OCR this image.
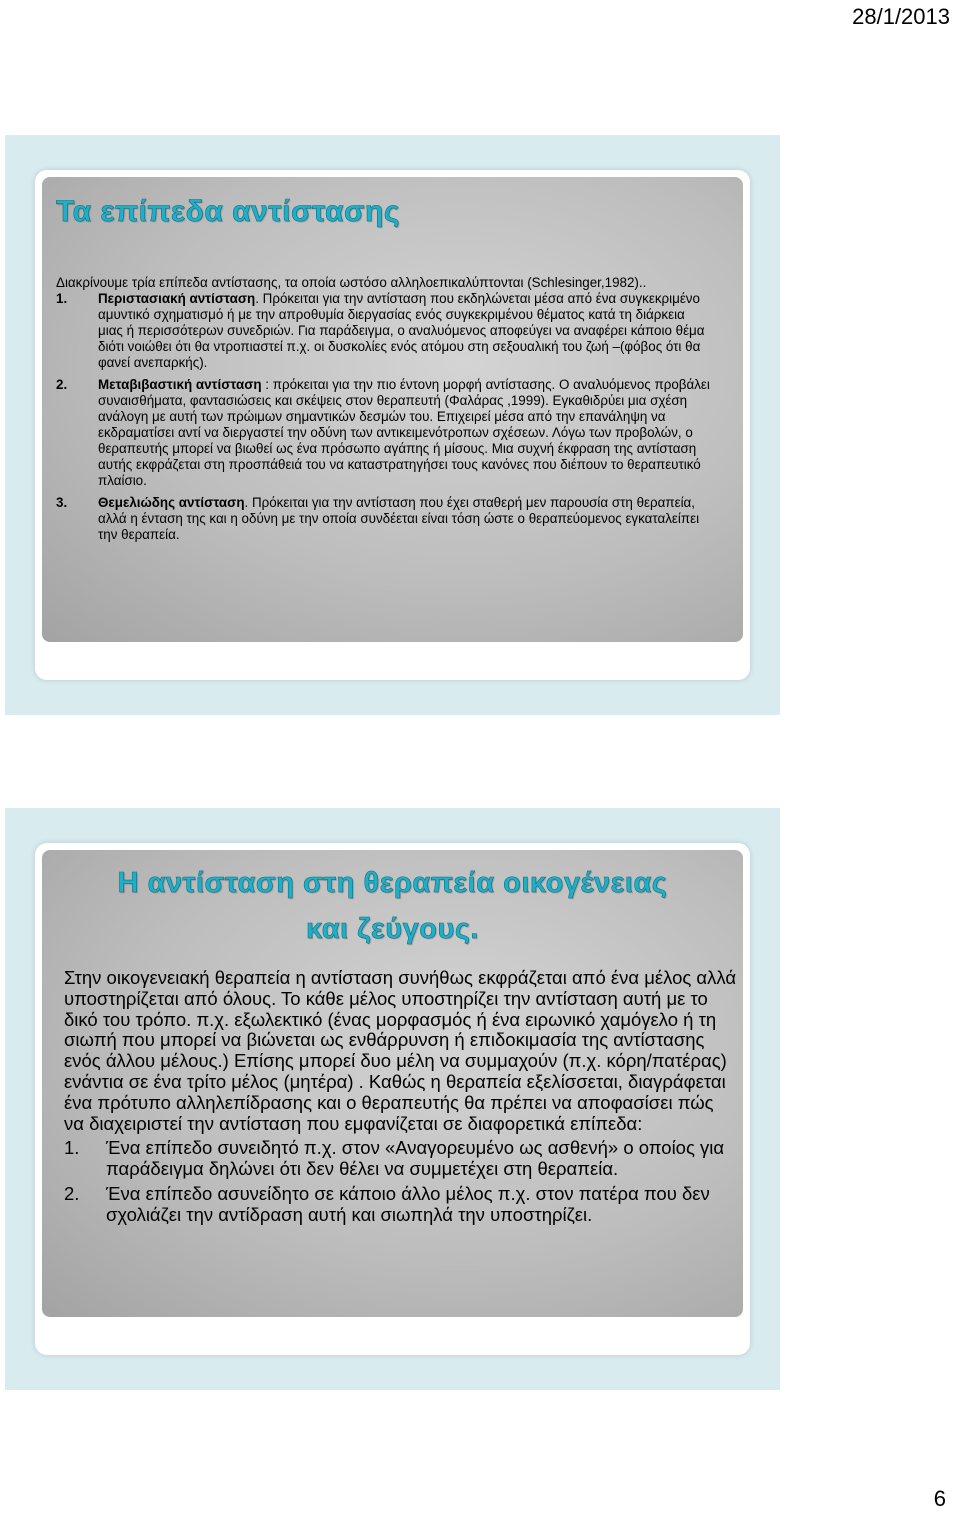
28/1/2013
Τα επίπεδα αντίστασης

Διακρίνουμε τρία επίπεδα αντίστασης, τα οποία ωστόσο αλληλοεπικαλύπτονται (Schlesinger,1982)..

1.	Περιστασιακή αντίσταση. Πρόκειται για την αντίσταση που εκδηλώνεται μέσα από ένα συγκεκριμένο αμυντικό σχηματισμό ή με την απροθυμία διεργασίας ενός συγκεκριμένου θέματος κατά τη διάρκεια μιας ή περισσότερων συνεδριών. Για παράδειγμα, ο αναλυόμενος αποφεύγει να αναφέρει κάποιο θέμα διότι νοιώθει ότι θα ντροπιαστεί π.χ. οι δυσκολίες ενός ατόμου στη σεξουαλική του ζωή –(φόβος ότι θα φανεί ανεπαρκής).
2.	Μεταβιβαστική αντίσταση : πρόκειται για την πιο έντονη μορφή αντίστασης. Ο αναλυόμενος προβάλει συναισθήματα, φαντασιώσεις και σκέψεις στον θεραπευτή (Φαλάρας ,1999). Εγκαθιδρύει μια σχέση ανάλογη με αυτή των πρώιμων σημαντικών δεσμών του. Επιχειρεί μέσα από την επανάληψη να εκδραματίσει αντί να διεργαστεί την οδύνη των αντικειμενότροπων σχέσεων. Λόγω των προβολών, ο θεραπευτής μπορεί να βιωθεί ως ένα πρόσωπο αγάπης ή μίσους. Μια συχνή έκφραση της αντίσταση αυτής εκφράζεται στη προσπάθειά του να καταστρατηγήσει τους κανόνες που διέπουν το θεραπευτικό πλαίσιο.
3.	Θεμελιώδης αντίσταση. Πρόκειται για την αντίσταση που έχει σταθερή μεν παρουσία στη θεραπεία, αλλά η ένταση της και η οδύνη με την οποία συνδέεται είναι τόση ώστε ο θεραπεύομενος εγκαταλείπει την θεραπεία.
Η αντίσταση στη θεραπεία οικογένειας
και ζεύγους.

Στην οικογενειακή θεραπεία η αντίσταση συνήθως εκφράζεται από ένα μέλος αλλά υποστηρίζεται από όλους. Το κάθε μέλος υποστηρίζει την αντίσταση αυτή με το δικό του τρόπο. π.χ. εξωλεκτικό (ένας μορφασμός ή ένα ειρωνικό χαμόγελο ή τη σιωπή που μπορεί να βιώνεται ως ενθάρρυνση ή επιδοκιμασία της αντίστασης ενός άλλου μέλους.) Επίσης μπορεί δυο μέλη να συμμαχούν (π.χ. κόρη/πατέρας) ενάντια σε ένα τρίτο μέλος (μητέρα) . Καθώς η θεραπεία εξελίσσεται, διαγράφεται ένα πρότυπο αλληλεπίδρασης και ο θεραπευτής θα πρέπει να αποφασίσει πώς να διαχειριστεί την αντίσταση που εμφανίζεται σε διαφορετικά επίπεδα:

1.	Ένα επίπεδο συνειδητό π.χ. στον «Αναγορευμένο ως ασθενή» ο οποίος για παράδειγμα δηλώνει ότι δεν θέλει να συμμετέχει στη θεραπεία.
2.	Ένα επίπεδο ασυνείδητο σε κάποιο άλλο μέλος π.χ. στον πατέρα που δεν σχολιάζει την αντίδραση αυτή και σιωπηλά την υποστηρίζει.
6
